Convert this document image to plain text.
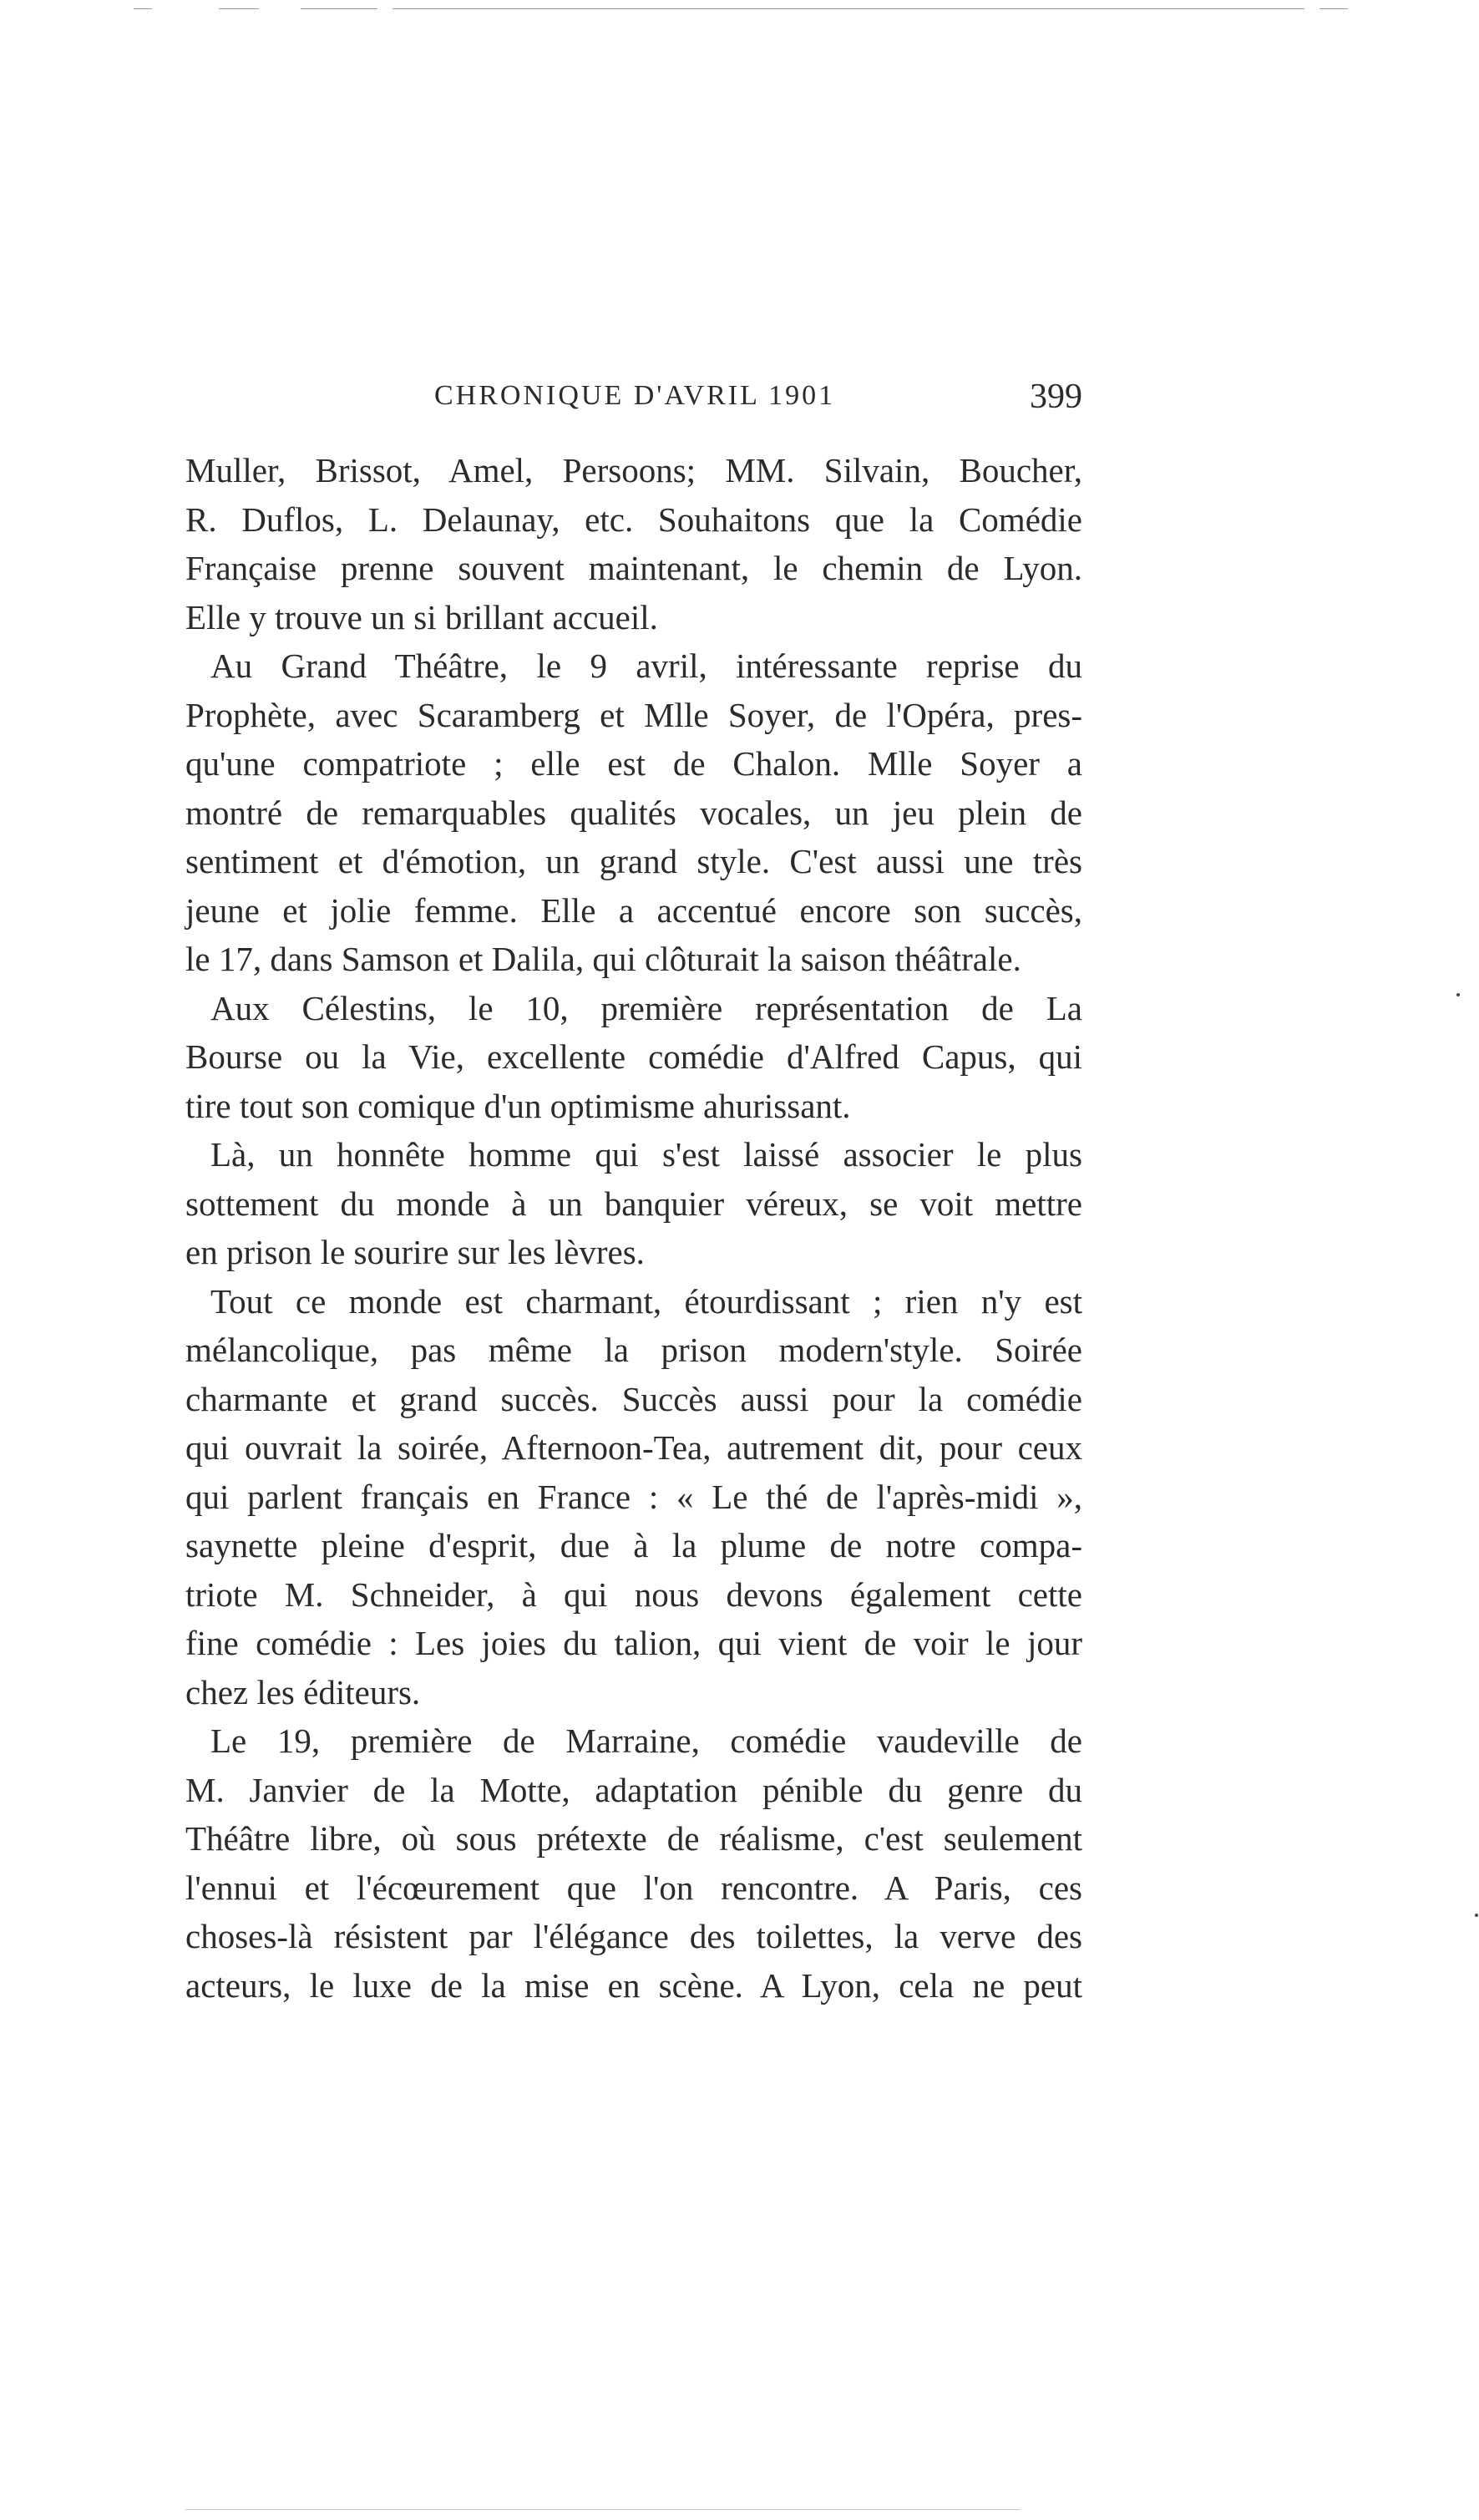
CHRONIQUE D'AVRIL 1901	399
Muller, Brissot, Amel, Persoons; MM. Silvain, Boucher,
R. Duflos, L. Delaunay, etc. Souhaitons que la Comédie
Française prenne souvent maintenant, le chemin de Lyon.
Elle y trouve un si brillant accueil.
Au Grand Théâtre, le 9 avril, intéressante reprise du
Prophète, avec Scaramberg et Mlle Soyer, de l'Opéra, pres-
qu'une compatriote ; elle est de Chalon. Mlle Soyer a
montré de remarquables qualités vocales, un jeu plein de
sentiment et d'émotion, un grand style. C'est aussi une très
jeune et jolie femme. Elle a accentué encore son succès,
le 17, dans Samson et Dalila, qui clôturait la saison théâtrale.
Aux Célestins, le 10, première représentation de La
Bourse ou la Vie, excellente comédie d'Alfred Capus, qui
tire tout son comique d'un optimisme ahurissant.
Là, un honnête homme qui s'est laissé associer le plus
sottement du monde à un banquier véreux, se voit mettre
en prison le sourire sur les lèvres.
Tout ce monde est charmant, étourdissant ; rien n'y est
mélancolique, pas même la prison modern'style. Soirée
charmante et grand succès. Succès aussi pour la comédie
qui ouvrait la soirée, Afternoon-Tea, autrement dit, pour ceux
qui parlent français en France : « Le thé de l'après-midi »,
saynette pleine d'esprit, due à la plume de notre compa-
triote M. Schneider, à qui nous devons également cette
fine comédie : Les joies du talion, qui vient de voir le jour
chez les éditeurs.
Le 19, première de Marraine, comédie vaudeville de
M. Janvier de la Motte, adaptation pénible du genre du
Théâtre libre, où sous prétexte de réalisme, c'est seulement
l'ennui et l'écœurement que l'on rencontre. A Paris, ces
choses-là résistent par l'élégance des toilettes, la verve des
acteurs, le luxe de la mise en scène. A Lyon, cela ne peut
